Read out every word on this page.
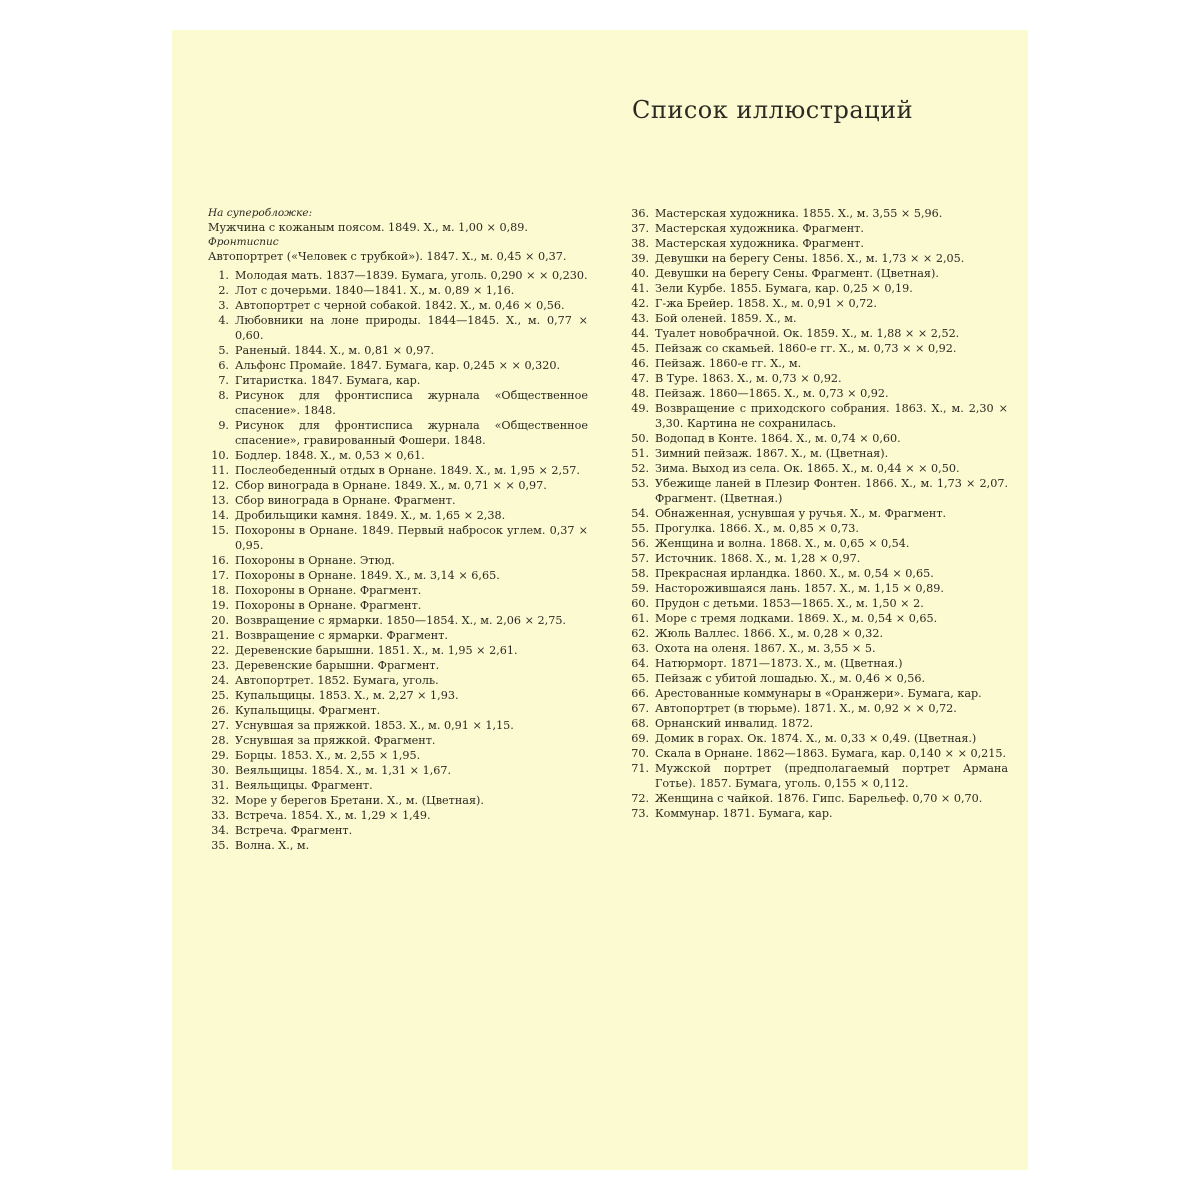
Список иллюстраций
На суперобложке:
Мужчина с кожаным поясом. 1849. Х., м. 1,00 × 0,89.
Фронтиспис
Автопортрет («Человек с трубкой»). 1847. Х., м. 0,45 × 0,37.
1. Молодая мать. 1837—1839. Бумага, уголь. 0,290 × × 0,230.
2. Лот с дочерьми. 1840—1841. Х., м. 0,89 × 1,16.
3. Автопортрет с черной собакой. 1842. Х., м. 0,46 × 0,56.
4. Любовники на лоне природы. 1844—1845. Х., м. 0,77 × 0,60.
5. Раненый. 1844. Х., м. 0,81 × 0,97.
6. Альфонс Промайе. 1847. Бумага, кар. 0,245 × × 0,320.
7. Гитаристка. 1847. Бумага, кар.
8. Рисунок для фронтисписа журнала «Общественное спасение». 1848.
9. Рисунок для фронтисписа журнала «Общественное спасение», гравированный Фошери. 1848.
10. Бодлер. 1848. Х., м. 0,53 × 0,61.
11. Послеобеденный отдых в Орнане. 1849. Х., м. 1,95 × 2,57.
12. Сбор винограда в Орнане. 1849. Х., м. 0,71 × × 0,97.
13. Сбор винограда в Орнане. Фрагмент.
14. Дробильщики камня. 1849. Х., м. 1,65 × 2,38.
15. Похороны в Орнане. 1849. Первый набросок углем. 0,37 × 0,95.
16. Похороны в Орнане. Этюд.
17. Похороны в Орнане. 1849. Х., м. 3,14 × 6,65.
18. Похороны в Орнане. Фрагмент.
19. Похороны в Орнане. Фрагмент.
20. Возвращение с ярмарки. 1850—1854. Х., м. 2,06 × 2,75.
21. Возвращение с ярмарки. Фрагмент.
22. Деревенские барышни. 1851. Х., м. 1,95 × 2,61.
23. Деревенские барышни. Фрагмент.
24. Автопортрет. 1852. Бумага, уголь.
25. Купальщицы. 1853. Х., м. 2,27 × 1,93.
26. Купальщицы. Фрагмент.
27. Уснувшая за пряжкой. 1853. Х., м. 0,91 × 1,15.
28. Уснувшая за пряжкой. Фрагмент.
29. Борцы. 1853. Х., м. 2,55 × 1,95.
30. Веяльщицы. 1854. Х., м. 1,31 × 1,67.
31. Веяльщицы. Фрагмент.
32. Море у берегов Бретани. Х., м. (Цветная).
33. Встреча. 1854. Х., м. 1,29 × 1,49.
34. Встреча. Фрагмент.
35. Волна. Х., м.
36. Мастерская художника. 1855. Х., м. 3,55 × 5,96.
37. Мастерская художника. Фрагмент.
38. Мастерская художника. Фрагмент.
39. Девушки на берегу Сены. 1856. Х., м. 1,73 × × 2,05.
40. Девушки на берегу Сены. Фрагмент. (Цветная).
41. Зели Курбе. 1855. Бумага, кар. 0,25 × 0,19.
42. Г-жа Брейер. 1858. Х., м. 0,91 × 0,72.
43. Бой оленей. 1859. Х., м.
44. Туалет новобрачной. Ок. 1859. Х., м. 1,88 × × 2,52.
45. Пейзаж со скамьей. 1860-е гг. Х., м. 0,73 × × 0,92.
46. Пейзаж. 1860-е гг. Х., м.
47. В Туре. 1863. Х., м. 0,73 × 0,92.
48. Пейзаж. 1860—1865. Х., м. 0,73 × 0,92.
49. Возвращение с приходского собрания. 1863. Х., м. 2,30 × 3,30. Картина не сохранилась.
50. Водопад в Конте. 1864. Х., м. 0,74 × 0,60.
51. Зимний пейзаж. 1867. Х., м. (Цветная).
52. Зима. Выход из села. Ок. 1865. Х., м. 0,44 × × 0,50.
53. Убежище ланей в Плезир Фонтен. 1866. Х., м. 1,73 × 2,07. Фрагмент. (Цветная.)
54. Обнаженная, уснувшая у ручья. Х., м. Фрагмент.
55. Прогулка. 1866. Х., м. 0,85 × 0,73.
56. Женщина и волна. 1868. Х., м. 0,65 × 0,54.
57. Источник. 1868. Х., м. 1,28 × 0,97.
58. Прекрасная ирландка. 1860. Х., м. 0,54 × 0,65.
59. Насторожившаяся лань. 1857. Х., м. 1,15 × 0,89.
60. Прудон с детьми. 1853—1865. Х., м. 1,50 × 2.
61. Море с тремя лодками. 1869. Х., м. 0,54 × 0,65.
62. Жюль Валлес. 1866. Х., м. 0,28 × 0,32.
63. Охота на оленя. 1867. Х., м. 3,55 × 5.
64. Натюрморт. 1871—1873. Х., м. (Цветная.)
65. Пейзаж с убитой лошадью. Х., м. 0,46 × 0,56.
66. Арестованные коммунары в «Оранжери». Бумага, кар.
67. Автопортрет (в тюрьме). 1871. Х., м. 0,92 × × 0,72.
68. Орнанский инвалид. 1872.
69. Домик в горах. Ок. 1874. Х., м. 0,33 × 0,49. (Цветная.)
70. Скала в Орнане. 1862—1863. Бумага, кар. 0,140 × × 0,215.
71. Мужской портрет (предполагаемый портрет Армана Готье). 1857. Бумага, уголь. 0,155 × 0,112.
72. Женщина с чайкой. 1876. Гипс. Барельеф. 0,70 × 0,70.
73. Коммунар. 1871. Бумага, кар.
